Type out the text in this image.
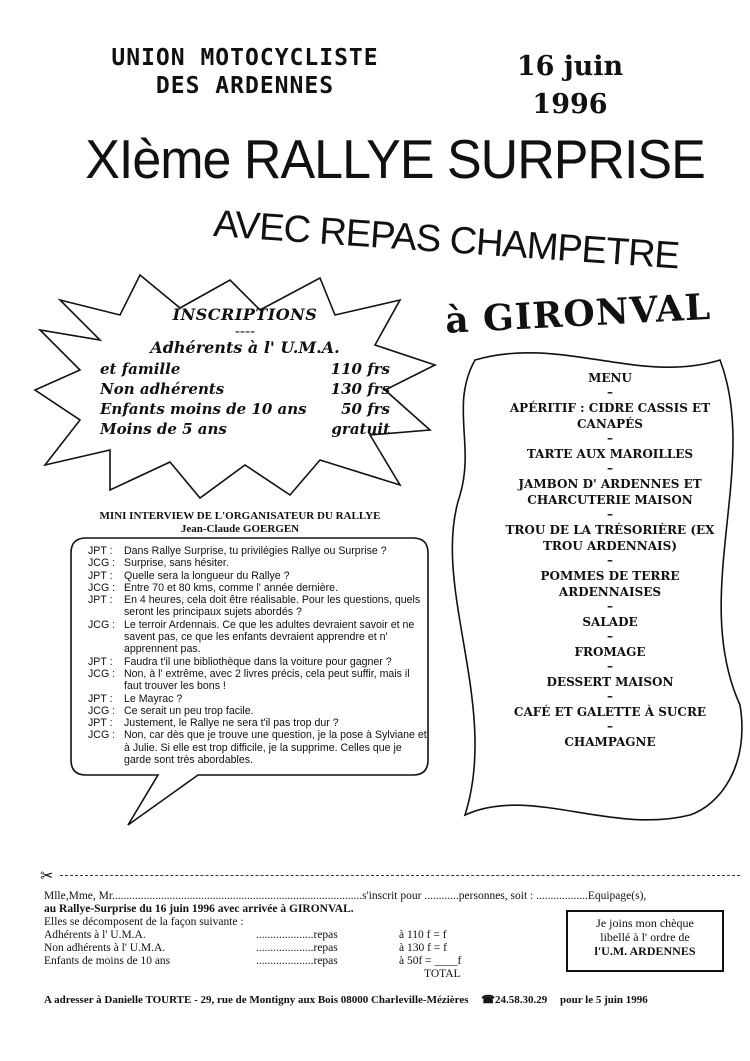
UNION MOTOCYCLISTE
DES ARDENNES
16 juin
1996
XIème RALLYE SURPRISE
AVEC REPAS CHAMPETRE
à GIRONVAL
INSCRIPTIONS
----
Adhérents à l' U.M.A.
et famille	110 frs
Non adhérents	130 frs
Enfants moins de 10 ans 50 frs
Moins de 5 ans	gratuit
MENU
–
APÉRITIF : CIDRE CASSIS ET CANAPÉS
–
TARTE AUX MAROILLES
–
JAMBON D' ARDENNES ET CHARCUTERIE MAISON
–
TROU DE LA TRÉSORIÈRE (EX TROU ARDENNAIS)
–
POMMES DE TERRE ARDENNAISES
–
SALADE
–
FROMAGE
–
DESSERT MAISON
–
CAFÉ ET GALETTE À SUCRE
–
CHAMPAGNE
MINI INTERVIEW DE L'ORGANISATEUR DU RALLYE
Jean-Claude GOERGEN
JPT :	Dans Rallye Surprise, tu privilégies Rallye ou Surprise ?
JCG : Surprise, sans hésiter.
JPT :	Quelle sera la longueur du Rallye ?
JCG : Entre 70 et 80 kms, comme l' année dernière.
JPT :	En 4 heures, cela doit être réalisable. Pour les questions, quels seront les principaux sujets abordés ?
JCG : Le terroir Ardennais. Ce que les adultes devraient savoir et ne savent pas, ce que les enfants devraient apprendre et n' apprennent pas.
JPT :	Faudra t'il une bibliothèque dans la voiture pour gagner ?
JCG : Non, à l' extrême, avec 2 livres précis, cela peut suffir, mais il faut trouver les bons !
JPT :	Le Mayrac ?
JCG : Ce serait un peu trop facile.
JPT :	Justement, le Rallye ne sera t'il pas trop dur ?
JCG : Non, car dès que je trouve une question, je la pose à Sylviane et à Julie. Si elle est trop difficile, je la supprime. Celles que je garde sont très abordables.
✂
Mlle,Mme, Mr.......................................................................................s'inscrit pour ............personnes, soit : ..................Equipage(s),
au Rallye-Surprise du 16 juin 1996 avec arrivée à GIRONVAL.
Elles se décomposent de la façon suivante :
Adhérents à l' U.M.A.	....................repas	à 110 f = f
Non adhérents à l' U.M.A.	....................repas	à 130 f = f
Enfants de moins de 10 ans	....................repas	à 50f = ____f
TOTAL
Je joins mon chèque
libellé à l' ordre de
l'U.M. ARDENNES
A adresser à Danielle TOURTE - 29, rue de Montigny aux Bois 08000 Charleville-Mézières ☎24.58.30.29 pour le 5 juin 1996
